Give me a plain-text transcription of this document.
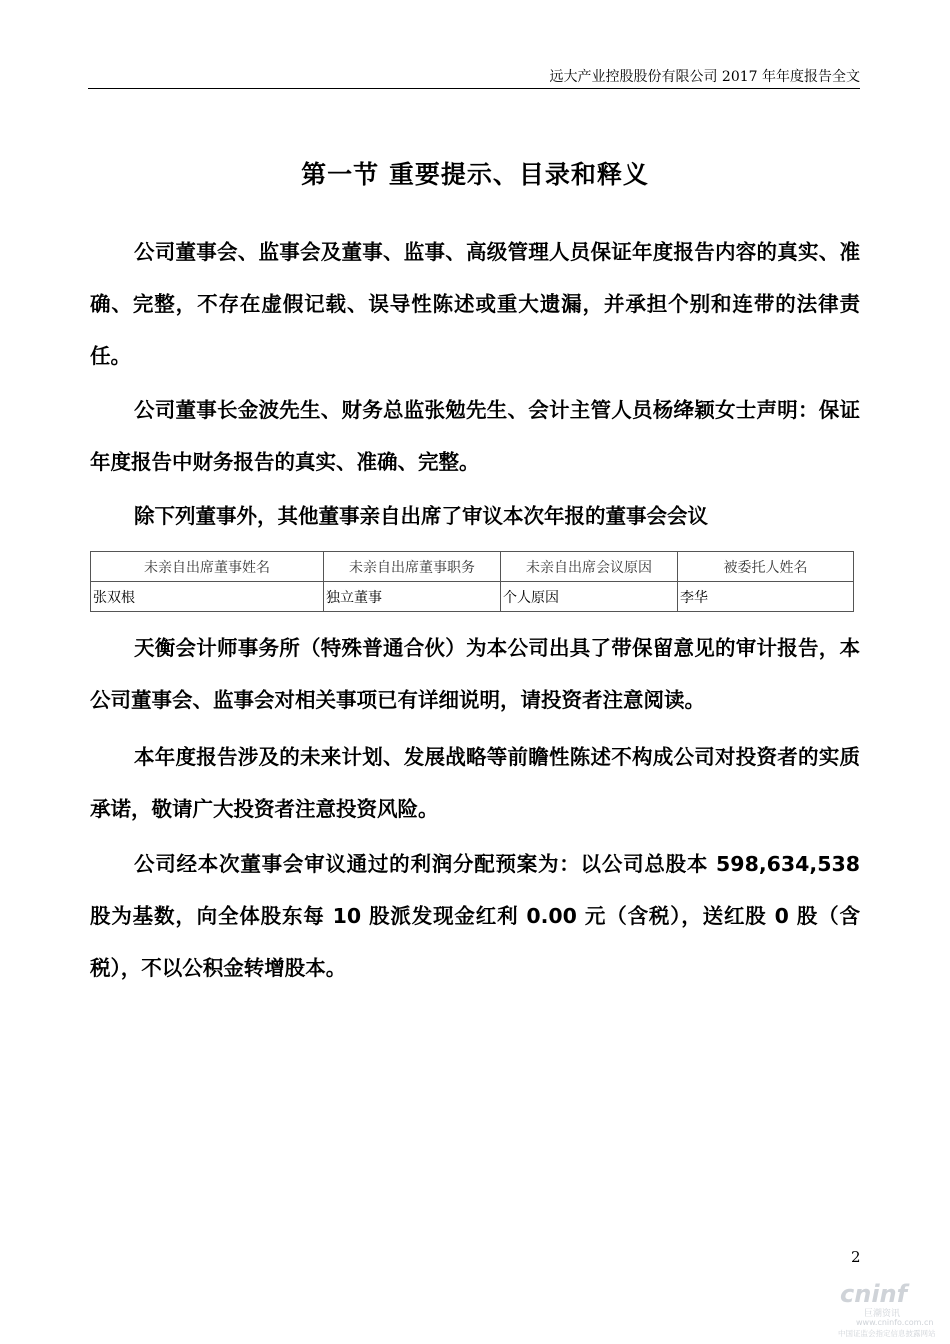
远大产业控股股份有限公司 2017 年年度报告全文
第一节 重要提示、目录和释义

公司董事会、监事会及董事、监事、高级管理人员保证年度报告内容的真实、准确、完整，不存在虚假记载、误导性陈述或重大遗漏，并承担个别和连带的法律责任。

公司董事长金波先生、财务总监张勉先生、会计主管人员杨绛颖女士声明：保证年度报告中财务报告的真实、准确、完整。

除下列董事外，其他董事亲自出席了审议本次年报的董事会会议

未亲自出席董事姓名	未亲自出席董事职务	未亲自出席会议原因	被委托人姓名
张双根	独立董事	个人原因	李华

天衡会计师事务所（特殊普通合伙）为本公司出具了带保留意见的审计报告，本公司董事会、监事会对相关事项已有详细说明，请投资者注意阅读。

本年度报告涉及的未来计划、发展战略等前瞻性陈述不构成公司对投资者的实质承诺，敬请广大投资者注意投资风险。

公司经本次董事会审议通过的利润分配预案为：以公司总股本 598,634,538 股为基数，向全体股东每 10 股派发现金红利 0.00 元（含税），送红股 0 股（含税），不以公积金转增股本。

2
cninf
巨潮资讯
www.cninfo.com.cn
中国证监会指定信息披露网站
